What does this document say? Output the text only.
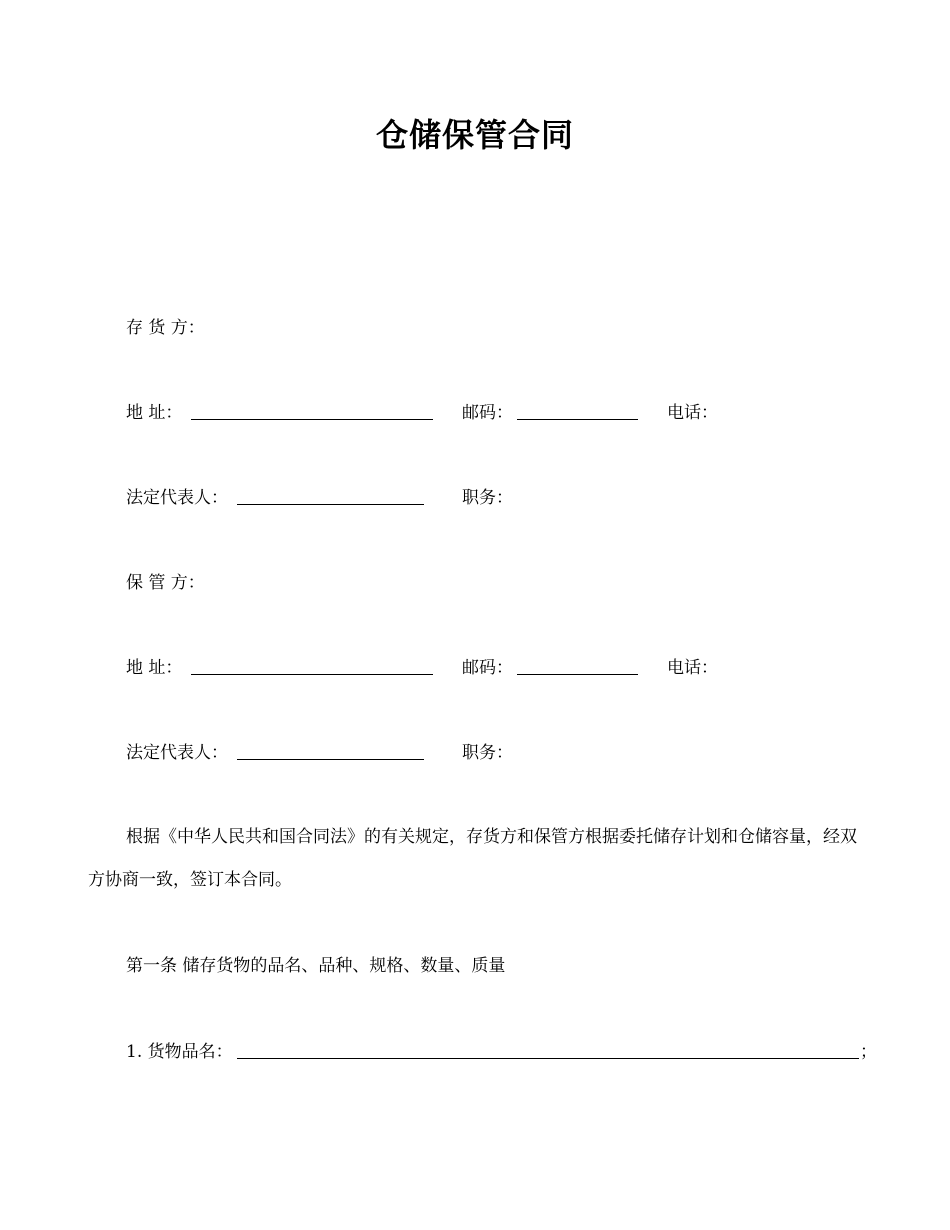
仓储保管合同
存 货 方：
地 址：	邮码：	电话：
法定代表人：	职务：
保 管 方：
地 址：	邮码：	电话：
法定代表人：	职务：
根据《中华人民共和国合同法》的有关规定，存货方和保管方根据委托储存计划和仓储容量，经双方协商一致，签订本合同。
第一条 储存货物的品名、品种、规格、数量、质量
1. 货物品名：	；
